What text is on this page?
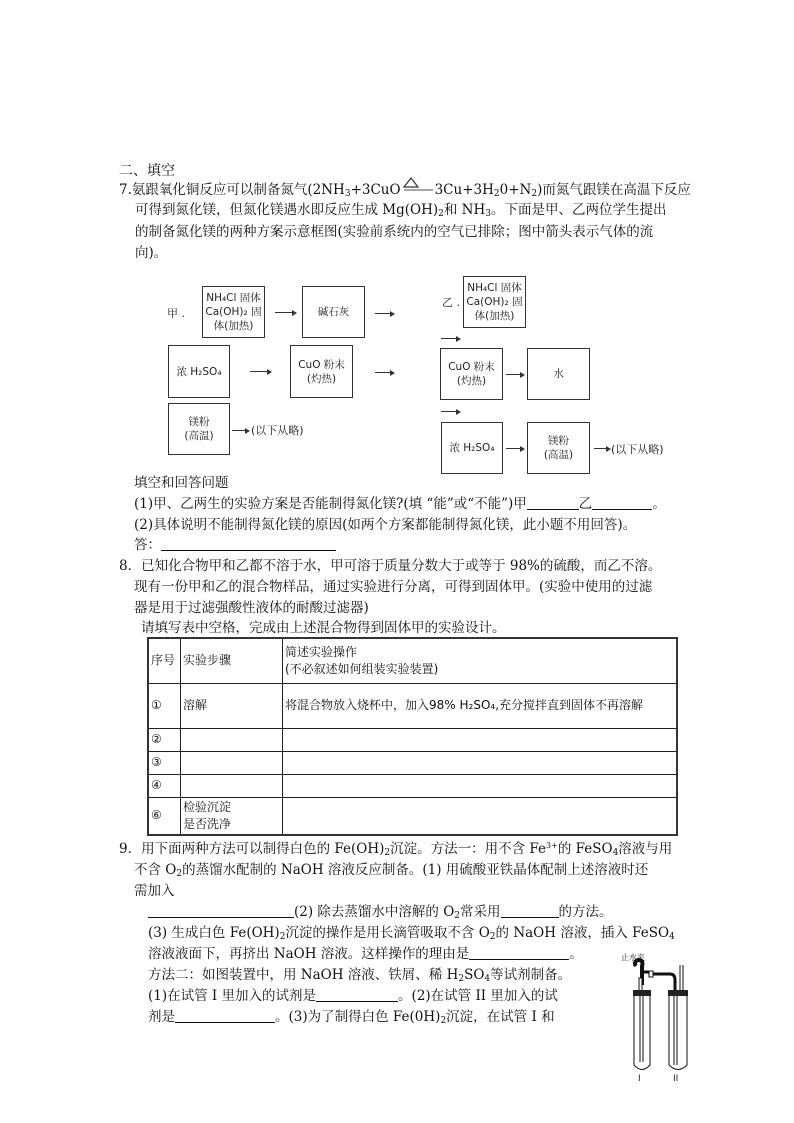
二、填空
7.氨跟氧化铜反应可以制备氮气($2NH_3+3CuO$	$3Cu+3H_20+N_2$)而氮气跟镁在高温下反应
可得到氮化镁，但氮化镁遇水即反应生成 $Mg(OH)_2$和 $NH_3$。下面是甲、乙两位学生提出
的制备氮化镁的两种方案示意框图(实验前系统内的空气已排除；图中箭头表示气体的流
向)。
甲 .
NH₄Cl 固体
Ca(OH)₂ 固
体(加热)
碱石灰
浓 H₂SO₄
CuO 粉末
(灼热)
镁粉
(高温)	(以下从略)
乙 .
NH₄Cl 固体
Ca(OH)₂ 固
体(加热)
CuO 粉末
(灼热)
水
浓 H₂SO₄
镁粉
(高温)	(以下从略)
填空和回答问题
(1)甲、乙两生的实验方案是否能制得氮化镁?(填 “能”或“不能”)甲	乙	。
(2)具体说明不能制得氮化镁的原因(如两个方案都能制得氮化镁，此小题不用回答)。
答：
8．已知化合物甲和乙都不溶于水，甲可溶于质量分数大于或等于 98%的硫酸，而乙不溶。
现有一份甲和乙的混合物样品，通过实验进行分离，可得到固体甲。(实验中使用的过滤
器是用于过滤强酸性液体的耐酸过滤器)
请填写表中空格，完成由上述混合物得到固体甲的实验设计。
序号	实验步骤	简述实验操作
(不必叙述如何组装实验装置)

①	溶解	将混合物放入烧杯中，加入98% H₂SO₄,充分搅拌直到固体不再溶解
②		
③		
④		
⑥	检验沉淀
是否洗净	

9．用下面两种方法可以制得白色的 $Fe(OH)_2$沉淀。方法一：用不含 $Fe^{3+}$的 FeSO$_4$溶液与用
不含 $O_2$的蒸馏水配制的 NaOH 溶液反应制备。(1) 用硫酸亚铁晶体配制上述溶液时还
需加入
(2) 除去蒸馏水中溶解的 $O_2$常采用	的方法。
(3) 生成白色 $Fe(OH)_2$沉淀的操作是用长滴管吸取不含 $O_2$的 NaOH 溶液，插入 FeSO$_4$
溶液液面下，再挤出 NaOH 溶液。这样操作的理由是	。
方法二：如图装置中，用 NaOH 溶液、铁屑、稀 $H_2SO_4$等试剂制备。
(1)在试管 I 里加入的试剂是	。(2)在试管 II 里加入的试
剂是	。(3)为了制得白色 $Fe(0H)_2$沉淀，在试管 I 和
止水夹
I	II
